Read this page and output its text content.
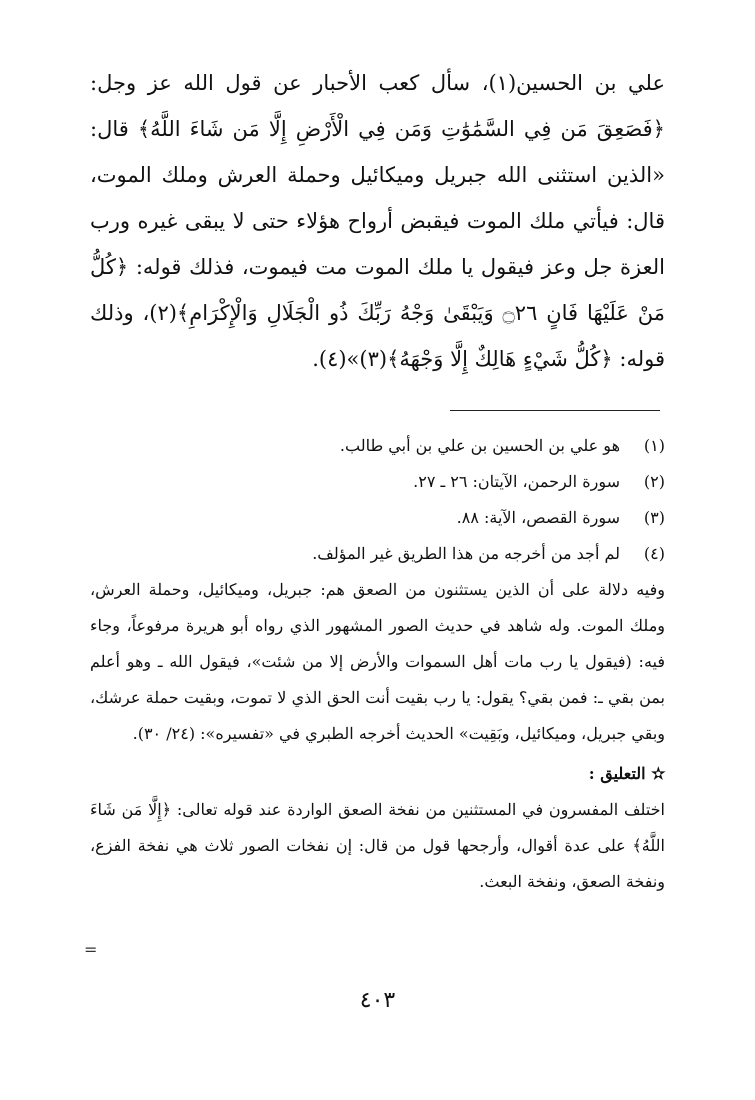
علي بن الحسين(١)، سأل كعب الأحبار عن قول الله عز وجل: ﴿فَصَعِقَ مَن فِي السَّمَٰوَٰتِ وَمَن فِي الْأَرْضِ إِلَّا مَن شَاءَ اللَّهُ﴾ قال: «الذين استثنى الله جبريل وميكائيل وحملة العرش وملك الموت، قال: فيأتي ملك الموت فيقبض أرواح هؤلاء حتى لا يبقى غيره ورب العزة جل وعز فيقول يا ملك الموت مت فيموت، فذلك قوله: ﴿كُلُّ مَنْ عَلَيْهَا فَانٍ ۝٢٦ وَيَبْقَىٰ وَجْهُ رَبِّكَ ذُو الْجَلَالِ وَالْإِكْرَامِ﴾(٢)، وذلك قوله: ﴿كُلُّ شَيْءٍ هَالِكٌ إِلَّا وَجْهَهُ﴾(٣)»(٤).

(١)
هو علي بن الحسين بن علي بن أبي طالب.
(٢)
سورة الرحمن، الآيتان: ٢٦ ـ ٢٧.
(٣)
سورة القصص، الآية: ٨٨.
(٤)
لم أجد من أخرجه من هذا الطريق غير المؤلف.
وفيه دلالة على أن الذين يستثنون من الصعق هم: جبريل، وميكائيل، وحملة العرش، وملك الموت. وله شاهد في حديث الصور المشهور الذي رواه أبو هريرة مرفوعاً، وجاء فيه: (فيقول يا رب مات أهل السموات والأرض إلا من شئت»، فيقول الله ـ وهو أعلم بمن بقي ـ: فمن بقي؟ يقول: يا رب بقيت أنت الحق الذي لا تموت، وبقيت حملة عرشك، وبقي جبريل، وميكائيل، وبَقِيت» الحديث أخرجه الطبري في «تفسيره»: (٢٤/ ٣٠).
✫التعليق :
اختلف المفسرون في المستثنين من نفخة الصعق الواردة عند قوله تعالى: ﴿إِلَّا مَن شَاءَ اللَّهُ﴾ على عدة أقوال، وأرجحها قول من قال: إن نفخات الصور ثلاث هي نفخة الفزع، ونفخة الصعق، ونفخة البعث.
=
٤٠٣
